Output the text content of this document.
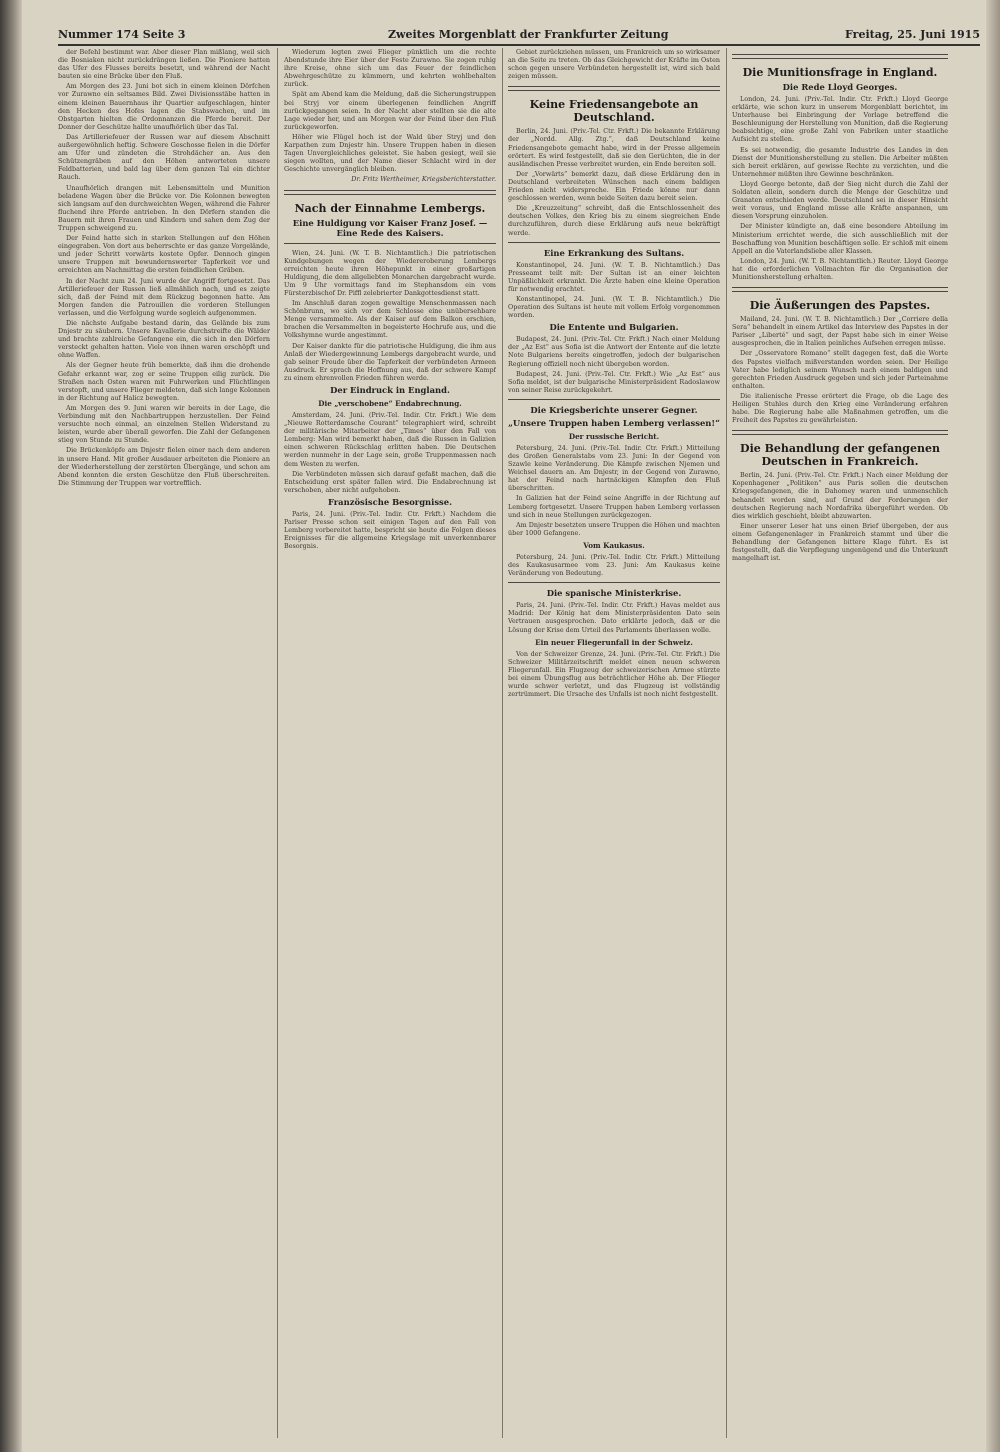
Nummer 174 Seite 3	Zweites Morgenblatt der Frankfurter Zeitung	Freitag, 25. Juni 1915

der Befehl bestimmt war. Aber dieser Plan mißlang, weil sich die Bosniaken nicht zurückdrängen ließen. Die Pioniere hatten das Ufer des Flusses bereits besetzt, und während der Nacht bauten sie eine Brücke über den Fluß.

Am Morgen des 23. Juni bot sich in einem kleinen Dörfchen vor Zurawno ein seltsames Bild. Zwei Divisionsstäbe hatten in einem kleinen Bauernhaus ihr Quartier aufgeschlagen, hinter den Hecken des Hofes lagen die Stabswachen, und im Obstgarten hielten die Ordonnanzen die Pferde bereit. Der Donner der Geschütze hallte unaufhörlich über das Tal.

Das Artilleriefeuer der Russen war auf diesem Abschnitt außergewöhnlich heftig. Schwere Geschosse fielen in die Dörfer am Ufer und zündeten die Strohdächer an. Aus den Schützengräben auf den Höhen antworteten unsere Feldbatterien, und bald lag über dem ganzen Tal ein dichter Rauch.

Unaufhörlich drangen mit Lebensmitteln und Munition beladene Wagen über die Brücke vor. Die Kolonnen bewegten sich langsam auf den durchweichten Wegen, während die Fahrer fluchend ihre Pferde antrieben. In den Dörfern standen die Bauern mit ihren Frauen und Kindern und sahen dem Zug der Truppen schweigend zu.

Der Feind hatte sich in starken Stellungen auf den Höhen eingegraben. Von dort aus beherrschte er das ganze Vorgelände, und jeder Schritt vorwärts kostete Opfer. Dennoch gingen unsere Truppen mit bewundernswerter Tapferkeit vor und erreichten am Nachmittag die ersten feindlichen Gräben.

In der Nacht zum 24. Juni wurde der Angriff fortgesetzt. Das Artilleriefeuer der Russen ließ allmählich nach, und es zeigte sich, daß der Feind mit dem Rückzug begonnen hatte. Am Morgen fanden die Patrouillen die vorderen Stellungen verlassen, und die Verfolgung wurde sogleich aufgenommen.

Die nächste Aufgabe bestand darin, das Gelände bis zum Dnjestr zu säubern. Unsere Kavallerie durchstreifte die Wälder und brachte zahlreiche Gefangene ein, die sich in den Dörfern versteckt gehalten hatten. Viele von ihnen waren erschöpft und ohne Waffen.

Als der Gegner heute früh bemerkte, daß ihm die drohende Gefahr erkannt war, zog er seine Truppen eilig zurück. Die Straßen nach Osten waren mit Fuhrwerken und Flüchtlingen verstopft, und unsere Flieger meldeten, daß sich lange Kolonnen in der Richtung auf Halicz bewegten.

Am Morgen des 9. Juni waren wir bereits in der Lage, die Verbindung mit den Nachbartruppen herzustellen. Der Feind versuchte noch einmal, an einzelnen Stellen Widerstand zu leisten, wurde aber überall geworfen. Die Zahl der Gefangenen stieg von Stunde zu Stunde.

Die Brückenköpfe am Dnjestr fielen einer nach dem anderen in unsere Hand. Mit großer Ausdauer arbeiteten die Pioniere an der Wiederherstellung der zerstörten Übergänge, und schon am Abend konnten die ersten Geschütze den Fluß überschreiten. Die Stimmung der Truppen war vortrefflich.

Wiederum legten zwei Flieger pünktlich um die rechte Abendstunde ihre Eier über der Feste Zurawno. Sie zogen ruhig ihre Kreise, ohne sich um das Feuer der feindlichen Abwehrgeschütze zu kümmern, und kehrten wohlbehalten zurück.

Spät am Abend kam die Meldung, daß die Sicherungstruppen bei Stryj vor einem überlegenen feindlichen Angriff zurückgegangen seien. In der Nacht aber stellten sie die alte Lage wieder her, und am Morgen war der Feind über den Fluß zurückgeworfen.

Höher wie Flügel hoch ist der Wald über Stryj und den Karpathen zum Dnjestr hin. Unsere Truppen haben in diesen Tagen Unvergleichliches geleistet. Sie haben gesiegt, weil sie siegen wollten, und der Name dieser Schlacht wird in der Geschichte unvergänglich bleiben.

Dr. Fritz Wertheimer, Kriegsberichterstatter.
Nach der Einnahme Lembergs.
Eine Huldigung vor Kaiser Franz Josef. — Eine Rede des Kaisers.

Wien, 24. Juni. (W. T. B. Nichtamtlich.) Die patriotischen Kundgebungen wegen der Wiedereroberung Lembergs erreichten heute ihren Höhepunkt in einer großartigen Huldigung, die dem allgeliebten Monarchen dargebracht wurde. Um 9 Uhr vormittags fand im Stephansdom ein vom Fürsterzbischof Dr. Piffl zelebrierter Dankgottesdienst statt.

Im Anschluß daran zogen gewaltige Menschenmassen nach Schönbrunn, wo sich vor dem Schlosse eine unübersehbare Menge versammelte. Als der Kaiser auf dem Balkon erschien, brachen die Versammelten in begeisterte Hochrufe aus, und die Volkshymne wurde angestimmt.

Der Kaiser dankte für die patriotische Huldigung, die ihm aus Anlaß der Wiedergewinnung Lembergs dargebracht wurde, und gab seiner Freude über die Tapferkeit der verbündeten Armeen Ausdruck. Er sprach die Hoffnung aus, daß der schwere Kampf zu einem ehrenvollen Frieden führen werde.

Der Eindruck in England.
Die „verschobene“ Endabrechnung.

Amsterdam, 24. Juni. (Priv.-Tel. Indir. Ctr. Frkft.) Wie dem „Nieuwe Rotterdamsche Courant“ telegraphiert wird, schreibt der militärische Mitarbeiter der „Times“ über den Fall von Lemberg: Man wird bemerkt haben, daß die Russen in Galizien einen schweren Rückschlag erlitten haben. Die Deutschen werden nunmehr in der Lage sein, große Truppenmassen nach dem Westen zu werfen.

Die Verbündeten müssen sich darauf gefaßt machen, daß die Entscheidung erst später fallen wird. Die Endabrechnung ist verschoben, aber nicht aufgehoben.

Französische Besorgnisse.

Paris, 24. Juni. (Priv.-Tel. Indir. Ctr. Frkft.) Nachdem die Pariser Presse schon seit einigen Tagen auf den Fall von Lemberg vorbereitet hatte, bespricht sie heute die Folgen dieses Ereignisses für die allgemeine Kriegslage mit unverkennbarer Besorgnis.

Gebiet zurückziehen müssen, um Frankreich um so wirksamer an die Seite zu treten. Ob das Gleichgewicht der Kräfte im Osten schon gegen unsere Verbündeten hergestellt ist, wird sich bald zeigen müssen.

Keine Friedensangebote an Deutschland.

Berlin, 24. Juni. (Priv.-Tel. Ctr. Frkft.) Die bekannte Erklärung der „Nordd. Allg. Ztg.“, daß Deutschland keine Friedensangebote gemacht habe, wird in der Presse allgemein erörtert. Es wird festgestellt, daß sie den Gerüchten, die in der ausländischen Presse verbreitet wurden, ein Ende bereiten soll.

Der „Vorwärts“ bemerkt dazu, daß diese Erklärung den in Deutschland verbreiteten Wünschen nach einem baldigen Frieden nicht widerspreche. Ein Friede könne nur dann geschlossen werden, wenn beide Seiten dazu bereit seien.

Die „Kreuzzeitung“ schreibt, daß die Entschlossenheit des deutschen Volkes, den Krieg bis zu einem siegreichen Ende durchzuführen, durch diese Erklärung aufs neue bekräftigt werde.

Eine Erkrankung des Sultans.

Konstantinopel, 24. Juni. (W. T. B. Nichtamtlich.) Das Presseamt teilt mit: Der Sultan ist an einer leichten Unpäßlichkeit erkrankt. Die Ärzte haben eine kleine Operation für notwendig erachtet.

Konstantinopel, 24. Juni. (W. T. B. Nichtamtlich.) Die Operation des Sultans ist heute mit vollem Erfolg vorgenommen worden.

Die Entente und Bulgarien.

Budapest, 24. Juni. (Priv.-Tel. Ctr. Frkft.) Nach einer Meldung der „Az Est“ aus Sofia ist die Antwort der Entente auf die letzte Note Bulgariens bereits eingetroffen, jedoch der bulgarischen Regierung offiziell noch nicht übergeben worden.

Budapest, 24. Juni. (Priv.-Tel. Ctr. Frkft.) Wie „Az Est“ aus Sofia meldet, ist der bulgarische Ministerpräsident Radoslawow von seiner Reise zurückgekehrt.

Die Kriegsberichte unserer Gegner.
„Unsere Truppen haben Lemberg verlassen!“
Der russische Bericht.

Petersburg, 24. Juni. (Priv.-Tel. Indir. Ctr. Frkft.) Mitteilung des Großen Generalstabs vom 23. Juni: In der Gegend von Szawle keine Veränderung. Die Kämpfe zwischen Njemen und Weichsel dauern an. Am Dnjestr, in der Gegend von Zurawno, hat der Feind nach hartnäckigen Kämpfen den Fluß überschritten.

In Galizien hat der Feind seine Angriffe in der Richtung auf Lemberg fortgesetzt. Unsere Truppen haben Lemberg verlassen und sich in neue Stellungen zurückgezogen.

Am Dnjestr besetzten unsere Truppen die Höhen und machten über 1000 Gefangene.

Vom Kaukasus.

Petersburg, 24. Juni. (Priv.-Tel. Indir. Ctr. Frkft.) Mitteilung des Kaukasusarmee vom 23. Juni: Am Kaukasus keine Veränderung von Bedeutung.

Die spanische Ministerkrise.

Paris, 24. Juni. (Priv.-Tel. Indir. Ctr. Frkft.) Havas meldet aus Madrid: Der König hat dem Ministerpräsidenten Dato sein Vertrauen ausgesprochen. Dato erklärte jedoch, daß er die Lösung der Krise dem Urteil des Parlaments überlassen wolle.

Ein neuer Fliegerunfall in der Schweiz.

Von der Schweizer Grenze, 24. Juni. (Priv.-Tel. Ctr. Frkft.) Die Schweizer Militärzeitschrift meldet einen neuen schweren Fliegerunfall. Ein Flugzeug der schweizerischen Armee stürzte bei einem Übungsflug aus beträchtlicher Höhe ab. Der Flieger wurde schwer verletzt, und das Flugzeug ist vollständig zertrümmert. Die Ursache des Unfalls ist noch nicht festgestellt.

Die Munitionsfrage in England.
Die Rede Lloyd Georges.

London, 24. Juni. (Priv.-Tel. Indir. Ctr. Frkft.) Lloyd George erklärte, wie schon kurz in unserem Morgenblatt berichtet, im Unterhause bei Einbringung der Vorlage betreffend die Beschleunigung der Herstellung von Munition, daß die Regierung beabsichtige, eine große Zahl von Fabriken unter staatliche Aufsicht zu stellen.

Es sei notwendig, die gesamte Industrie des Landes in den Dienst der Munitionsherstellung zu stellen. Die Arbeiter müßten sich bereit erklären, auf gewisse Rechte zu verzichten, und die Unternehmer müßten ihre Gewinne beschränken.

Lloyd George betonte, daß der Sieg nicht durch die Zahl der Soldaten allein, sondern durch die Menge der Geschütze und Granaten entschieden werde. Deutschland sei in dieser Hinsicht weit voraus, und England müsse alle Kräfte anspannen, um diesen Vorsprung einzuholen.

Der Minister kündigte an, daß eine besondere Abteilung im Ministerium errichtet werde, die sich ausschließlich mit der Beschaffung von Munition beschäftigen solle. Er schloß mit einem Appell an die Vaterlandsliebe aller Klassen.

London, 24. Juni. (W. T. B. Nichtamtlich.) Reuter. Lloyd George hat die erforderlichen Vollmachten für die Organisation der Munitionsherstellung erhalten.

Die Äußerungen des Papstes.

Mailand, 24. Juni. (W. T. B. Nichtamtlich.) Der „Corriere della Sera“ behandelt in einem Artikel das Interview des Papstes in der Pariser „Liberté“ und sagt, der Papst habe sich in einer Weise ausgesprochen, die in Italien peinliches Aufsehen erregen müsse.

Der „Osservatore Romano“ stellt dagegen fest, daß die Worte des Papstes vielfach mißverstanden worden seien. Der Heilige Vater habe lediglich seinem Wunsch nach einem baldigen und gerechten Frieden Ausdruck gegeben und sich jeder Parteinahme enthalten.

Die italienische Presse erörtert die Frage, ob die Lage des Heiligen Stuhles durch den Krieg eine Veränderung erfahren habe. Die Regierung habe alle Maßnahmen getroffen, um die Freiheit des Papstes zu gewährleisten.

Die Behandlung der gefangenen Deutschen in Frankreich.

Berlin, 24. Juni. (Priv.-Tel. Ctr. Frkft.) Nach einer Meldung der Kopenhagener „Politiken“ aus Paris sollen die deutschen Kriegsgefangenen, die in Dahomey waren und unmenschlich behandelt worden sind, auf Grund der Forderungen der deutschen Regierung nach Nordafrika übergeführt werden. Ob dies wirklich geschieht, bleibt abzuwarten.

Einer unserer Leser hat uns einen Brief übergeben, der aus einem Gefangenenlager in Frankreich stammt und über die Behandlung der Gefangenen bittere Klage führt. Es ist festgestellt, daß die Verpflegung ungenügend und die Unterkunft mangelhaft ist.
